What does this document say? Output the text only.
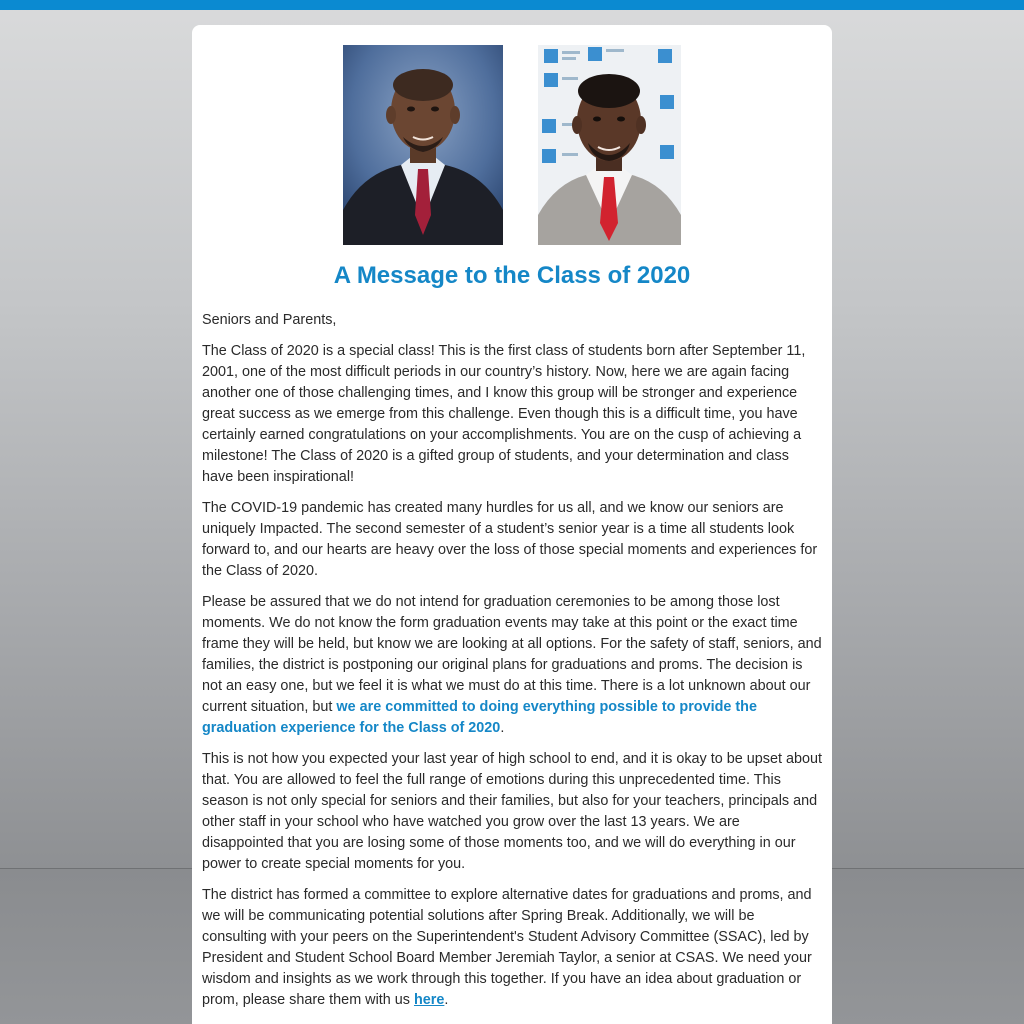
A Message to the Class of 2020

Seniors and Parents,

The Class of 2020 is a special class! This is the first class of students born after September 11, 2001, one of the most difficult periods in our country’s history. Now, here we are again facing another one of those challenging times, and I know this group will be stronger and experience great success as we emerge from this challenge. Even though this is a difficult time, you have certainly earned congratulations on your accomplishments. You are on the cusp of achieving a milestone! The Class of 2020 is a gifted group of students, and your determination and class have been inspirational!

The COVID-19 pandemic has created many hurdles for us all, and we know our seniors are uniquely Impacted. The second semester of a student’s senior year is a time all students look forward to, and our hearts are heavy over the loss of those special moments and experiences for the Class of 2020.

Please be assured that we do not intend for graduation ceremonies to be among those lost moments. We do not know the form graduation events may take at this point or the exact time frame they will be held, but know we are looking at all options. For the safety of staff, seniors, and families, the district is postponing our original plans for graduations and proms. The decision is not an easy one, but we feel it is what we must do at this time. There is a lot unknown about our current situation, but we are committed to doing everything possible to provide the graduation experience for the Class of 2020.

This is not how you expected your last year of high school to end, and it is okay to be upset about that. You are allowed to feel the full range of emotions during this unprecedented time. This season is not only special for seniors and their families, but also for your teachers, principals and other staff in your school who have watched you grow over the last 13 years. We are disappointed that you are losing some of those moments too, and we will do everything in our power to create special moments for you.

The district has formed a committee to explore alternative dates for graduations and proms, and we will be communicating potential solutions after Spring Break. Additionally, we will be consulting with your peers on the Superintendent's Student Advisory Committee (SSAC), led by President and Student School Board Member Jeremiah Taylor, a senior at CSAS. We need your wisdom and insights as we work through this together. If you have an idea about graduation or prom, please share them with us here.
